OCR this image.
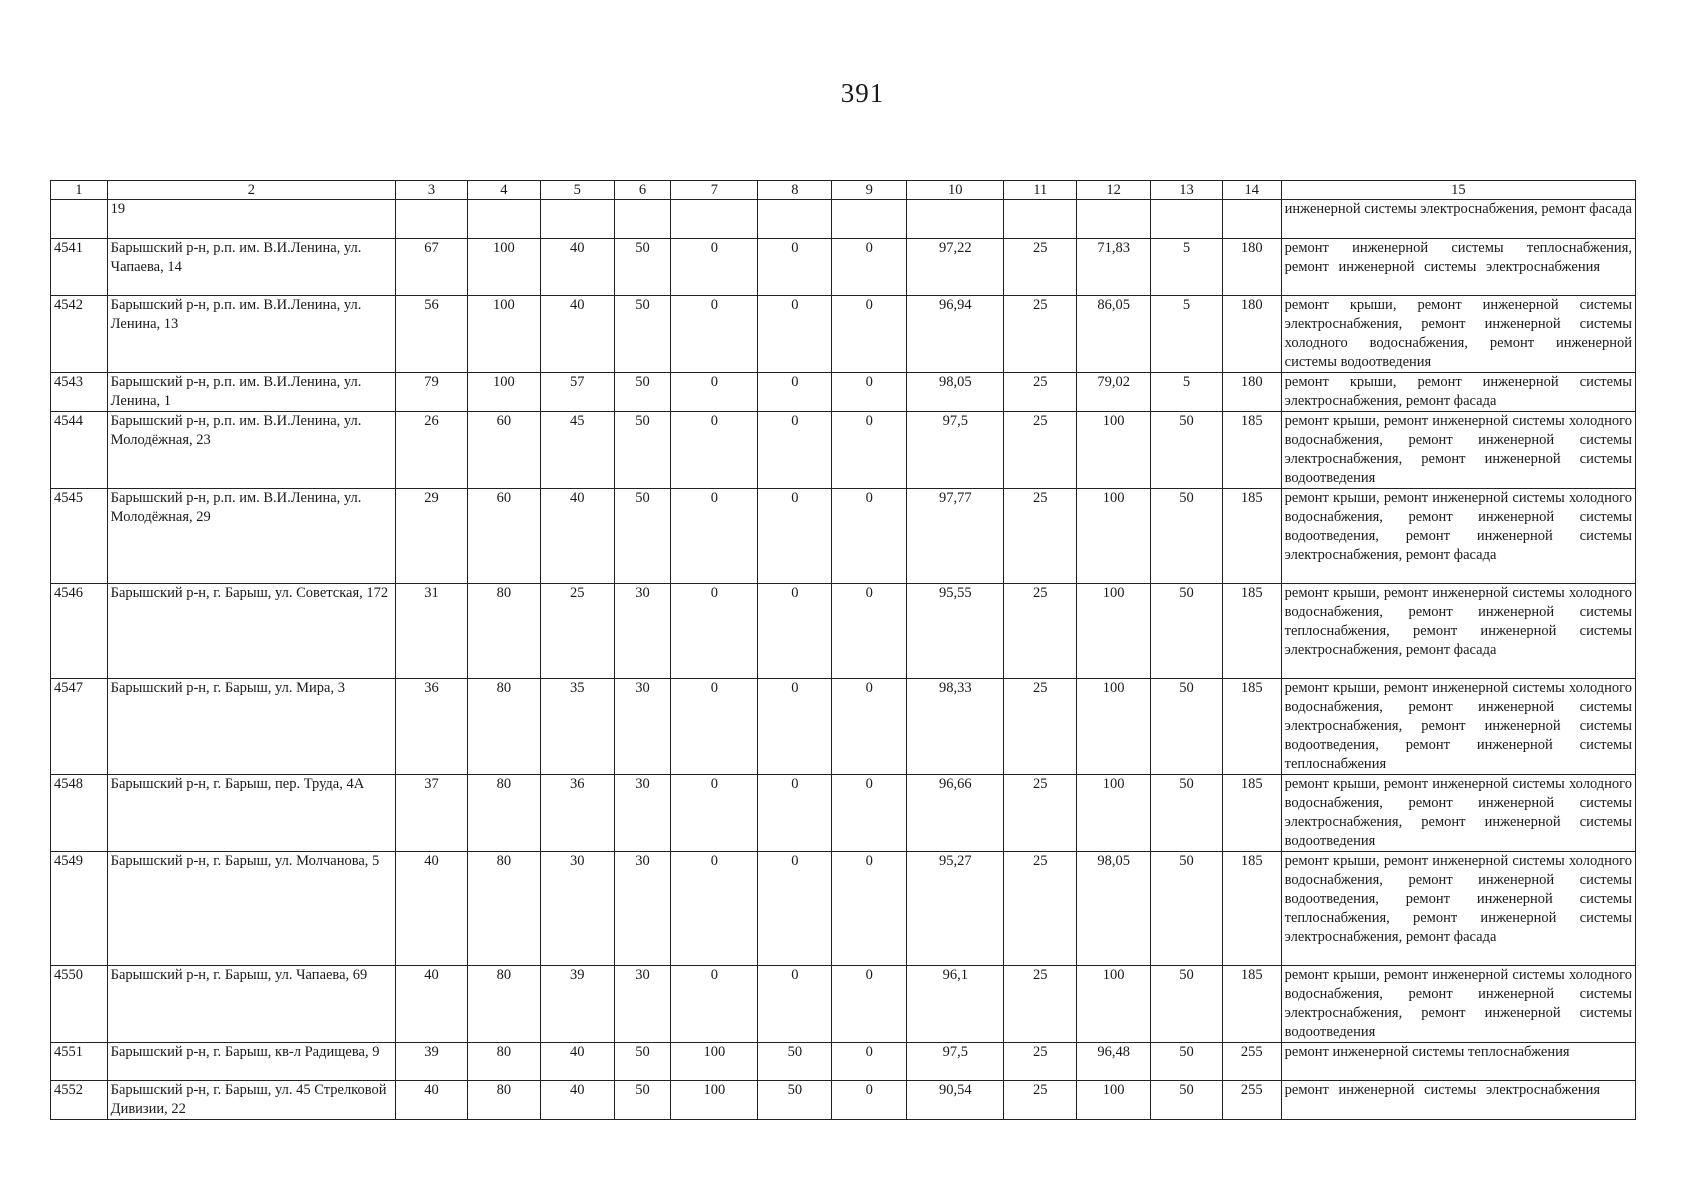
391
1	2	3	4	5	6	7	8	9	10	11	12	13	14	15
	19													инженерной системы электроснабжения, ремонт фасада
4541	Барышский р-н, р.п. им. В.И.Ленина, ул. Чапаева, 14	67	100	40	50	0	0	0	97,22	25	71,83	5	180	ремонт инженерной системы теплоснабжения, ремонт инженерной системы электроснабжения
4542	Барышский р-н, р.п. им. В.И.Ленина, ул. Ленина, 13	56	100	40	50	0	0	0	96,94	25	86,05	5	180	ремонт крыши, ремонт инженерной системы электроснабжения, ремонт инженерной системы холодного водоснабжения, ремонт инженерной системы водоотведения
4543	Барышский р-н, р.п. им. В.И.Ленина, ул. Ленина, 1	79	100	57	50	0	0	0	98,05	25	79,02	5	180	ремонт крыши, ремонт инженерной системы электроснабжения, ремонт фасада
4544	Барышский р-н, р.п. им. В.И.Ленина, ул. Молодёжная, 23	26	60	45	50	0	0	0	97,5	25	100	50	185	ремонт крыши, ремонт инженерной системы холодного водоснабжения, ремонт инженерной системы электроснабжения, ремонт инженерной системы водоотведения
4545	Барышский р-н, р.п. им. В.И.Ленина, ул. Молодёжная, 29	29	60	40	50	0	0	0	97,77	25	100	50	185	ремонт крыши, ремонт инженерной системы холодного водоснабжения, ремонт инженерной системы водоотведения, ремонт инженерной системы электроснабжения, ремонт фасада
4546	Барышский р-н, г. Барыш, ул. Советская, 172	31	80	25	30	0	0	0	95,55	25	100	50	185	ремонт крыши, ремонт инженерной системы холодного водоснабжения, ремонт инженерной системы теплоснабжения, ремонт инженерной системы электроснабжения, ремонт фасада
4547	Барышский р-н, г. Барыш, ул. Мира, 3	36	80	35	30	0	0	0	98,33	25	100	50	185	ремонт крыши, ремонт инженерной системы холодного водоснабжения, ремонт инженерной системы электроснабжения, ремонт инженерной системы водоотведения, ремонт инженерной системы теплоснабжения
4548	Барышский р-н, г. Барыш, пер. Труда, 4А	37	80	36	30	0	0	0	96,66	25	100	50	185	ремонт крыши, ремонт инженерной системы холодного водоснабжения, ремонт инженерной системы электроснабжения, ремонт инженерной системы водоотведения
4549	Барышский р-н, г. Барыш, ул. Молчанова, 5	40	80	30	30	0	0	0	95,27	25	98,05	50	185	ремонт крыши, ремонт инженерной системы холодного водоснабжения, ремонт инженерной системы водоотведения, ремонт инженерной системы теплоснабжения, ремонт инженерной системы электроснабжения, ремонт фасада
4550	Барышский р-н, г. Барыш, ул. Чапаева, 69	40	80	39	30	0	0	0	96,1	25	100	50	185	ремонт крыши, ремонт инженерной системы холодного водоснабжения, ремонт инженерной системы электроснабжения, ремонт инженерной системы водоотведения
4551	Барышский р-н, г. Барыш, кв-л Радищева, 9	39	80	40	50	100	50	0	97,5	25	96,48	50	255	ремонт инженерной системы теплоснабжения
4552	Барышский р-н, г. Барыш, ул. 45 Стрелковой Дивизии, 22	40	80	40	50	100	50	0	90,54	25	100	50	255	ремонт инженерной системы электроснабжения
